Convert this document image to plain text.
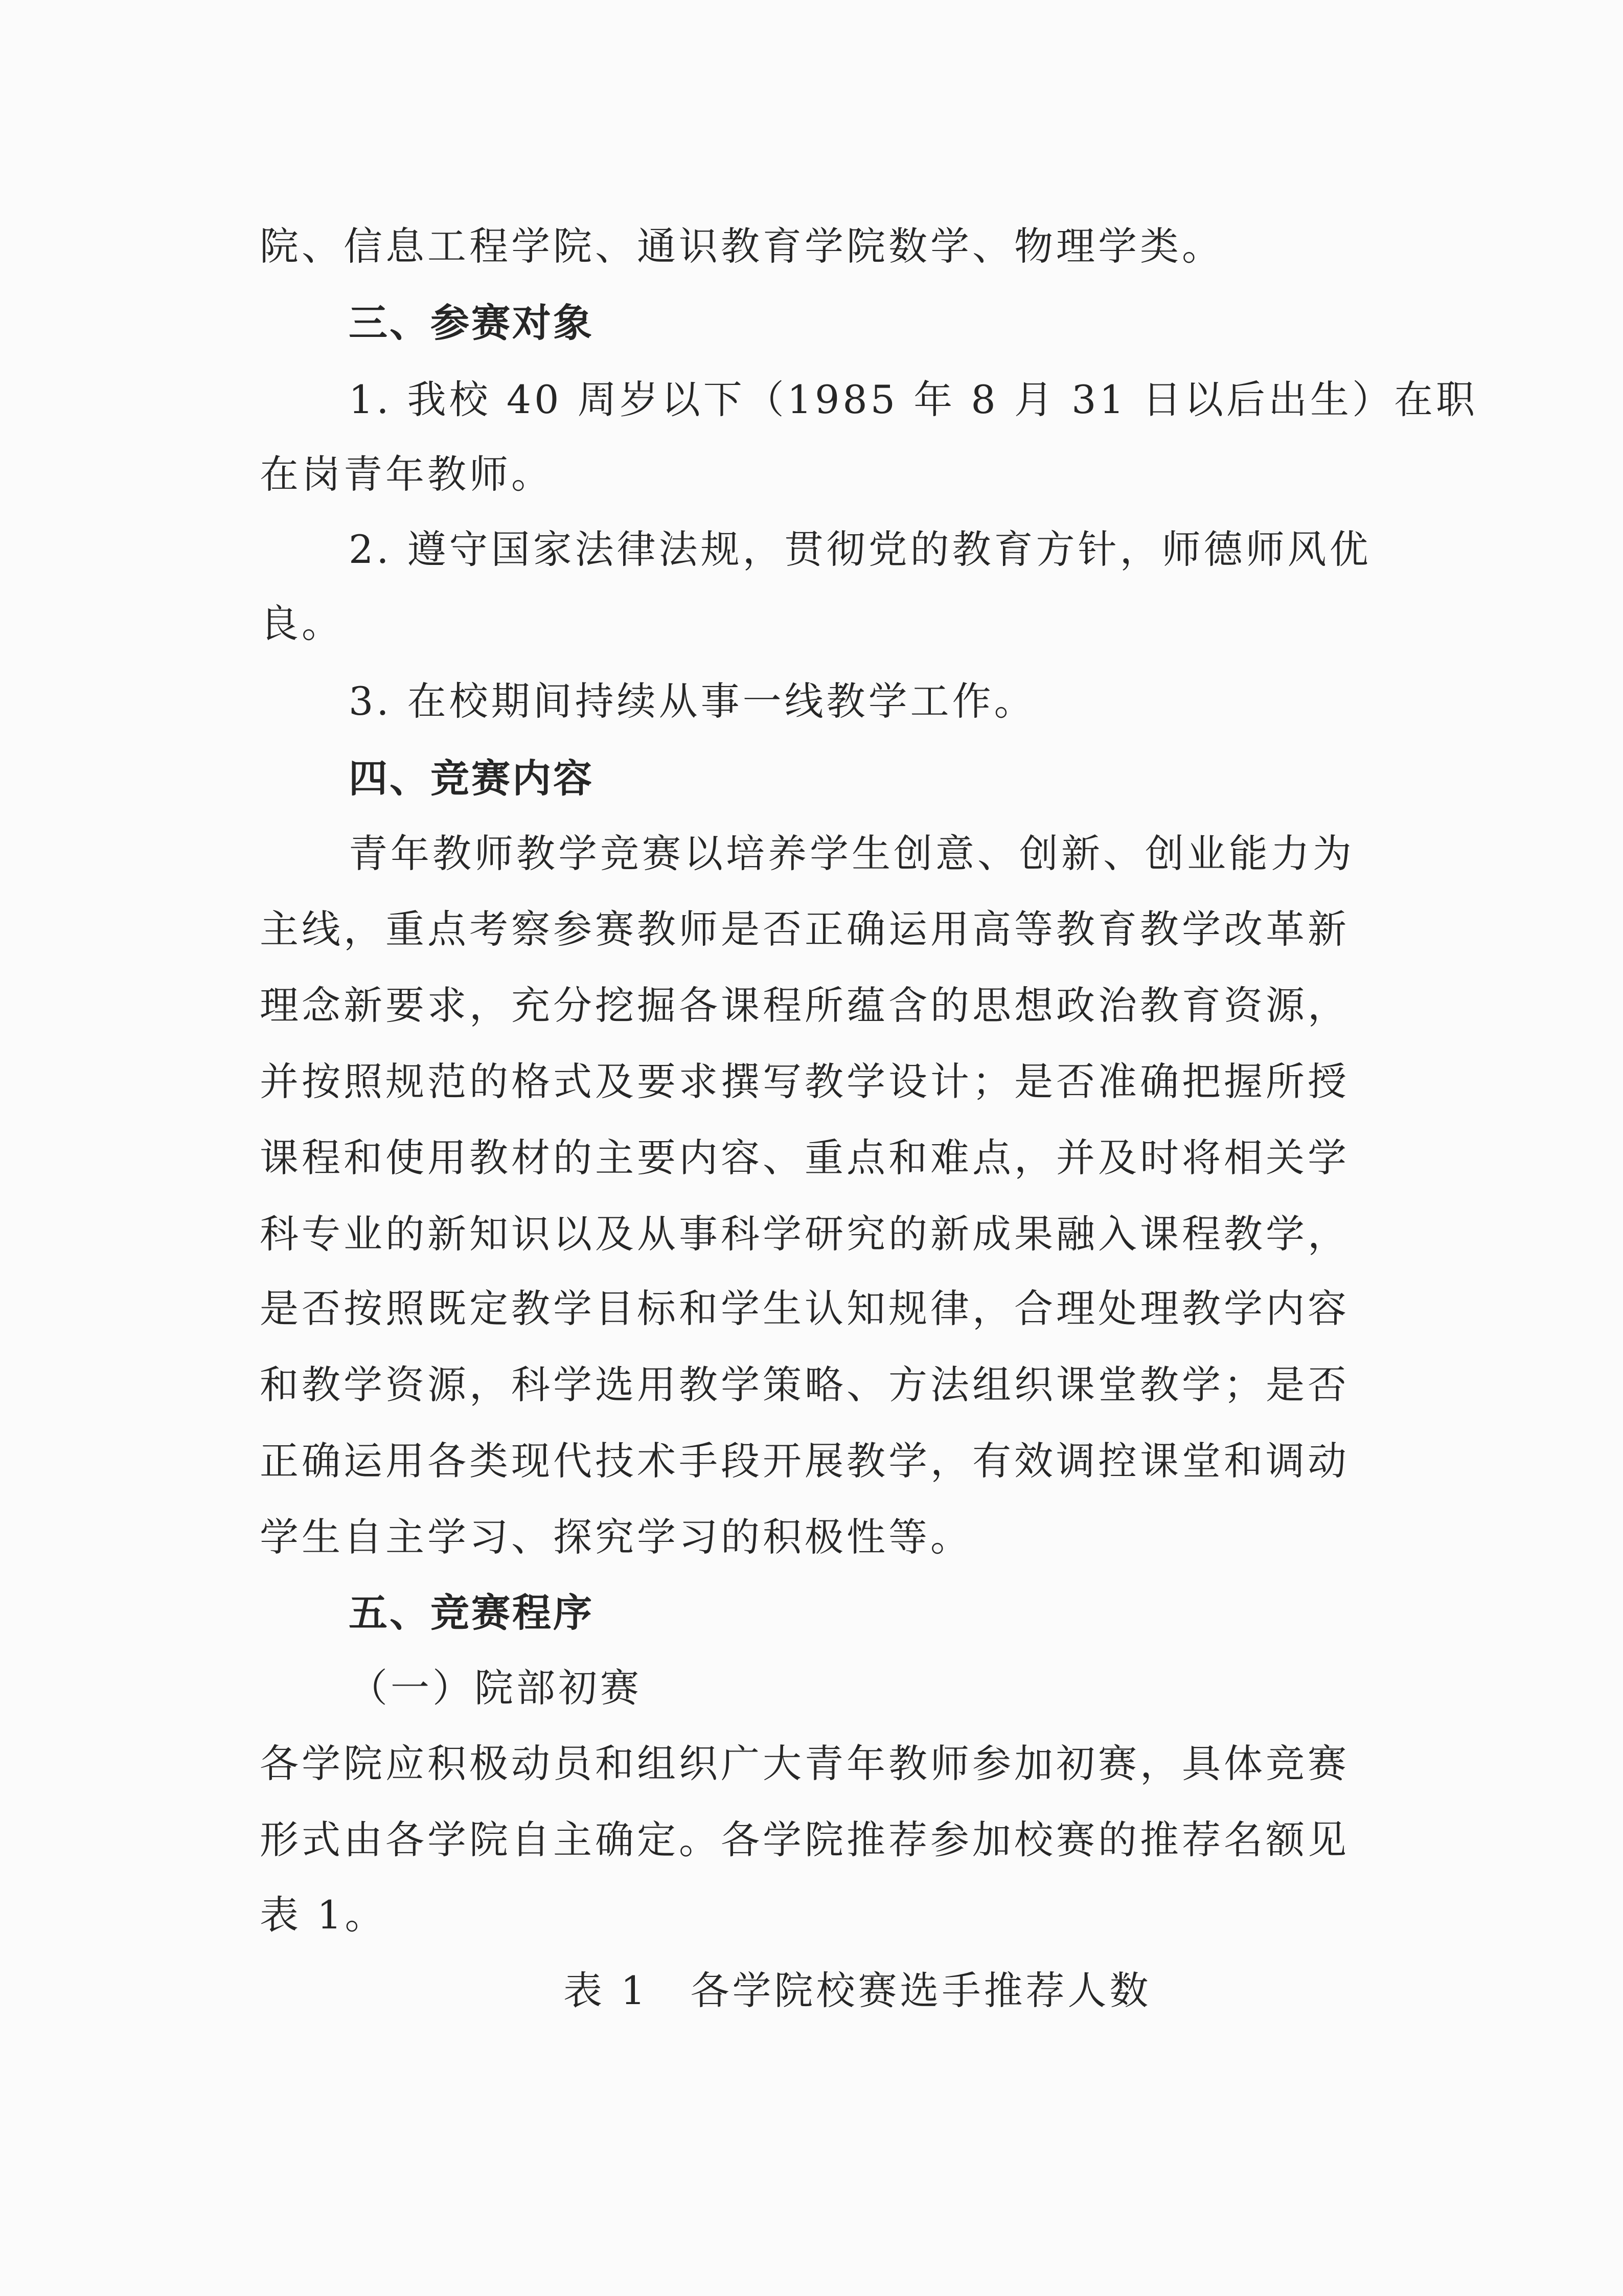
院、信息工程学院、通识教育学院数学、物理学类。

三、参赛对象

1. 我校 40 周岁以下（1985 年 8 月 31 日以后出生）在职

在岗青年教师。

2. 遵守国家法律法规，贯彻党的教育方针，师德师风优

良。

3. 在校期间持续从事一线教学工作。

四、竞赛内容

青年教师教学竞赛以培养学生创意、创新、创业能力为

主线，重点考察参赛教师是否正确运用高等教育教学改革新

理念新要求，充分挖掘各课程所蕴含的思想政治教育资源，

并按照规范的格式及要求撰写教学设计；是否准确把握所授

课程和使用教材的主要内容、重点和难点，并及时将相关学

科专业的新知识以及从事科学研究的新成果融入课程教学，

是否按照既定教学目标和学生认知规律，合理处理教学内容

和教学资源，科学选用教学策略、方法组织课堂教学；是否

正确运用各类现代技术手段开展教学，有效调控课堂和调动

学生自主学习、探究学习的积极性等。

五、竞赛程序

（一）院部初赛

各学院应积极动员和组织广大青年教师参加初赛，具体竞赛

形式由各学院自主确定。各学院推荐参加校赛的推荐名额见

表 1。

表 1　各学院校赛选手推荐人数
